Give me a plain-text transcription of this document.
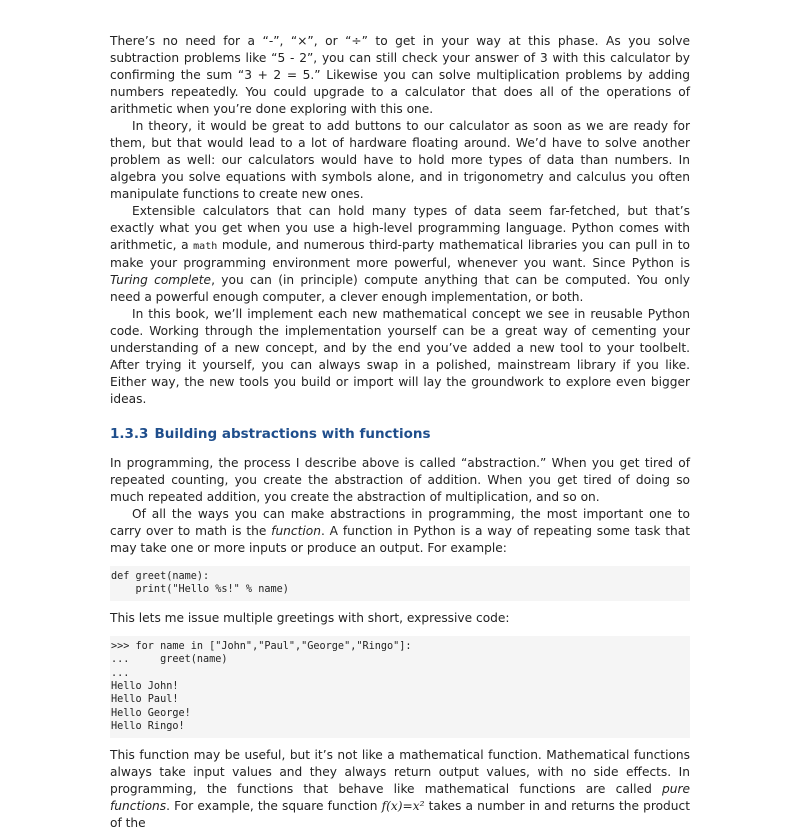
There’s no need for a “-”, “×”, or “÷” to get in your way at this phase. As you solve subtraction problems like “5 - 2”, you can still check your answer of 3 with this calculator by confirming the sum “3 + 2 = 5.” Likewise you can solve multiplication problems by adding numbers repeatedly. You could upgrade to a calculator that does all of the operations of arithmetic when you’re done exploring with this one.

In theory, it would be great to add buttons to our calculator as soon as we are ready for them, but that would lead to a lot of hardware floating around. We’d have to solve another problem as well: our calculators would have to hold more types of data than numbers. In algebra you solve equations with symbols alone, and in trigonometry and calculus you often manipulate functions to create new ones.

Extensible calculators that can hold many types of data seem far-fetched, but that’s exactly what you get when you use a high-level programming language. Python comes with arithmetic, a math module, and numerous third-party mathematical libraries you can pull in to make your programming environment more powerful, whenever you want. Since Python is Turing complete, you can (in principle) compute anything that can be computed. You only need a powerful enough computer, a clever enough implementation, or both.

In this book, we’ll implement each new mathematical concept we see in reusable Python code. Working through the implementation yourself can be a great way of cementing your understanding of a new concept, and by the end you’ve added a new tool to your toolbelt. After trying it yourself, you can always swap in a polished, mainstream library if you like. Either way, the new tools you build or import will lay the groundwork to explore even bigger ideas.

1.3.3 Building abstractions with functions

In programming, the process I describe above is called “abstraction.” When you get tired of repeated counting, you create the abstraction of addition. When you get tired of doing so much repeated addition, you create the abstraction of multiplication, and so on.

Of all the ways you can make abstractions in programming, the most important one to carry over to math is the function. A function in Python is a way of repeating some task that may take one or more inputs or produce an output. For example:

def greet(name):
print("Hello %s!" % name)

This lets me issue multiple greetings with short, expressive code:

>>> for name in ["John","Paul","George","Ringo"]:
...     greet(name)
...
Hello John!
Hello Paul!
Hello George!
Hello Ringo!

This function may be useful, but it’s not like a mathematical function. Mathematical functions always take input values and they always return output values, with no side effects. In programming, the functions that behave like mathematical functions are called pure functions. For example, the square function f(x)=x² takes a number in and returns the product of the
